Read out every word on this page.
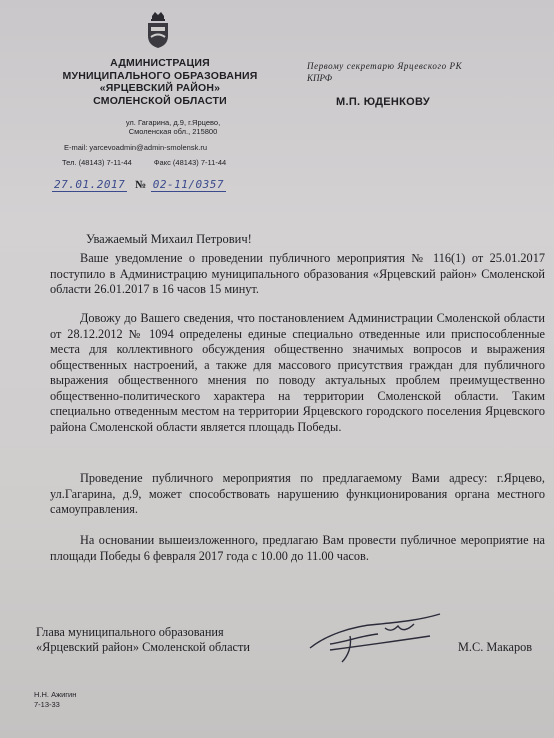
АДМИНИСТРАЦИЯ
МУНИЦИПАЛЬНОГО ОБРАЗОВАНИЯ
«ЯРЦЕВСКИЙ РАЙОН»
СМОЛЕНСКОЙ ОБЛАСТИ
ул. Гагарина, д.9, г.Ярцево,
Смоленская обл., 215800
E-mail: yarcevoadmin@admin-smolensk.ru
Тел. (48143) 7-11-44	Факс (48143) 7-11-44
27.01.2017 № 02-11/0357
Первому секретарю Ярцевского РК
КПРФ
М.П. ЮДЕНКОВУ
Уважаемый Михаил Петрович!

Ваше уведомление о проведении публичного мероприятия № 116(1) от 25.01.2017 поступило в Администрацию муниципального образования «Ярцевский район» Смоленской области 26.01.2017 в 16 часов 15 минут.

Довожу до Вашего сведения, что постановлением Администрации Смоленской области от 28.12.2012 № 1094 определены единые специально отведенные или приспособленные места для коллективного обсуждения общественно значимых вопросов и выражения общественных настроений, а также для массового присутствия граждан для публичного выражения общественного мнения по поводу актуальных проблем преимущественно общественно-политического характера на территории Смоленской области. Таким специально отведенным местом на территории Ярцевского городского поселения Ярцевского района Смоленской области является площадь Победы.

Проведение публичного мероприятия по предлагаемому Вами адресу: г.Ярцево, ул.Гагарина, д.9, может способствовать нарушению функционирования органа местного самоуправления.

На основании вышеизложенного, предлагаю Вам провести публичное мероприятие на площади Победы 6 февраля 2017 года с 10.00 до 11.00 часов.

Глава муниципального образования
«Ярцевский район» Смоленской области	М.С. Макаров
Н.Н. Ажигин
7-13-33
